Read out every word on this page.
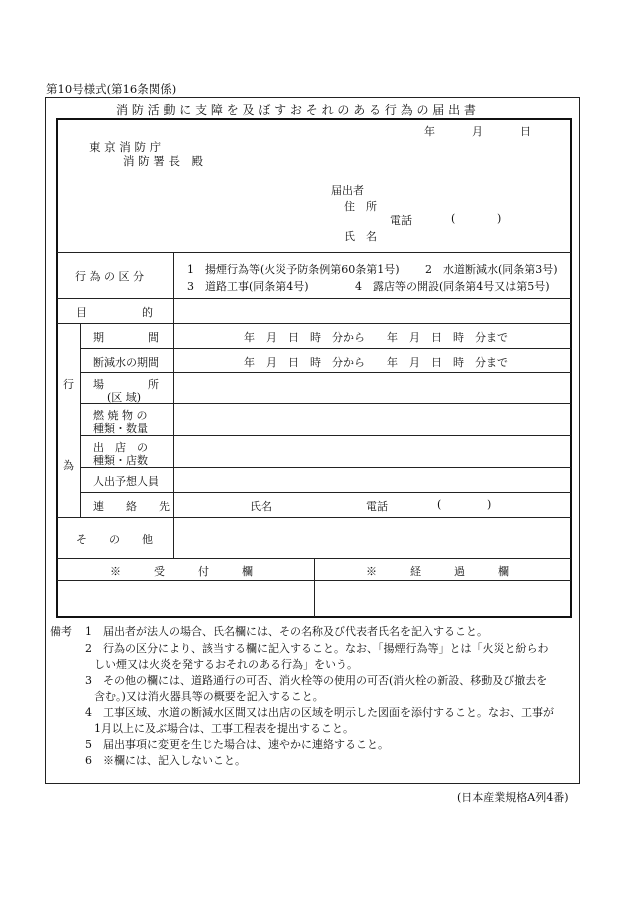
第10号様式(第16条関係)
消 防 活 動 に 支 障 を 及 ぼ す お そ れ の あ る 行 為 の 届 出 書
年	月	日
東 京 消 防 庁
消 防 署 長　殿
届出者
住　所
電話	(	)
氏　名
行 為 の 区 分
1　揚煙行為等(火災予防条例第60条第1号) 2　水道断減水(同条第3号)
3　道路工事(同条第4号)	4　露店等の開設(同条第4号又は第5号)
目　　　　　的
行
為
期　　　　間	年　月　日　時　分から　　年　月　日　時　分まで
断減水の期間	年　月　日　時　分から　　年　月　日　時　分まで
場　　　　所
(区 域)
燃 焼 物 の
種類・数量
出　店　の
種類・店数
人出予想人員
連　　絡　　先	氏名	電話	(	)
そ　　の　　他
※　　　受　　　付　　　欄	※　　　経　　　過　　　欄
備考 1　届出者が法人の場合、氏名欄には、その名称及び代表者氏名を記入すること。
2　行為の区分により、該当する欄に記入すること。なお、「揚煙行為等」とは「火災と紛らわ
しい煙又は火炎を発するおそれのある行為」をいう。
3　その他の欄には、道路通行の可否、消火栓等の使用の可否(消火栓の新設、移動及び撤去を
含む。)又は消火器具等の概要を記入すること。
4　工事区域、水道の断減水区間又は出店の区域を明示した図面を添付すること。なお、工事が
1月以上に及ぶ場合は、工事工程表を提出すること。
5　届出事項に変更を生じた場合は、速やかに連絡すること。
6　※欄には、記入しないこと。
(日本産業規格A列4番)
